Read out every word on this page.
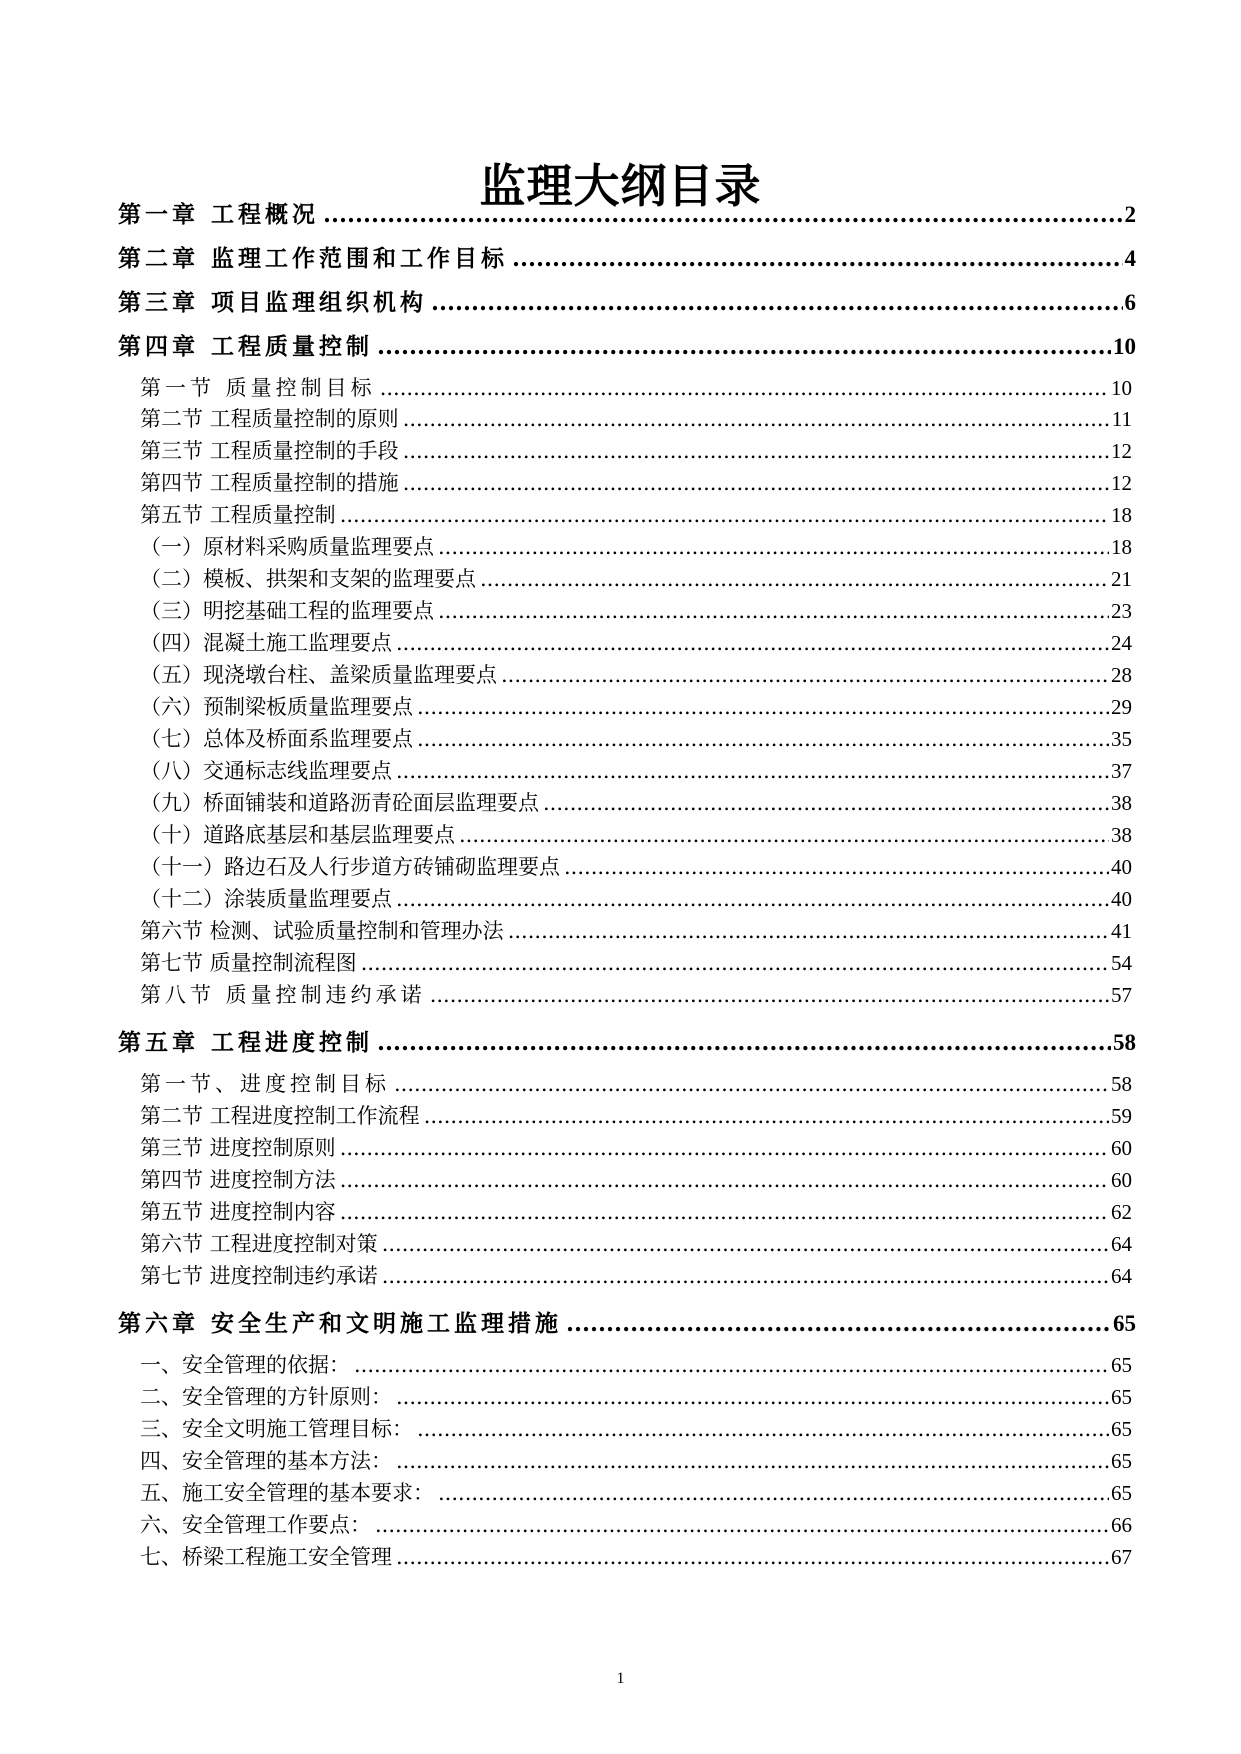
监理大纲目录
第一章 工程概况 .....	2
第二章 监理工作范围和工作目标 .....	4
第三章 项目监理组织机构 .....	6
第四章 工程质量控制 .....	10
第一节 质量控制目标 .....	10
第二节 工程质量控制的原则 .....	11
第三节 工程质量控制的手段 .....	12
第四节 工程质量控制的措施 .....	12
第五节 工程质量控制 .....	18
（一）原材料采购质量监理要点 .....	18
（二）模板、拱架和支架的监理要点 .....	21
（三）明挖基础工程的监理要点 .....	23
（四）混凝土施工监理要点 .....	24
（五）现浇墩台柱、盖梁质量监理要点 .....	28
（六）预制梁板质量监理要点 .....	29
（七）总体及桥面系监理要点 .....	35
（八）交通标志线监理要点 .....	37
（九）桥面铺装和道路沥青砼面层监理要点 .....	38
（十）道路底基层和基层监理要点 .....	38
（十一）路边石及人行步道方砖铺砌监理要点 .....	40
（十二）涂装质量监理要点 .....	40
第六节 检测、试验质量控制和管理办法 .....	41
第七节 质量控制流程图 .....	54
第八节 质量控制违约承诺 .....	57
第五章 工程进度控制 .....	58
第一节、进度控制目标 .....	58
第二节 工程进度控制工作流程 .....	59
第三节 进度控制原则 .....	60
第四节 进度控制方法 .....	60
第五节 进度控制内容 .....	62
第六节 工程进度控制对策 .....	64
第七节 进度控制违约承诺 .....	64
第六章 安全生产和文明施工监理措施 .....	65
一、安全管理的依据： .....	65
二、安全管理的方针原则： .....	65
三、安全文明施工管理目标： .....	65
四、安全管理的基本方法： .....	65
五、施工安全管理的基本要求： .....	65
六、安全管理工作要点： .....	66
七、桥梁工程施工安全管理 .....	67
1
